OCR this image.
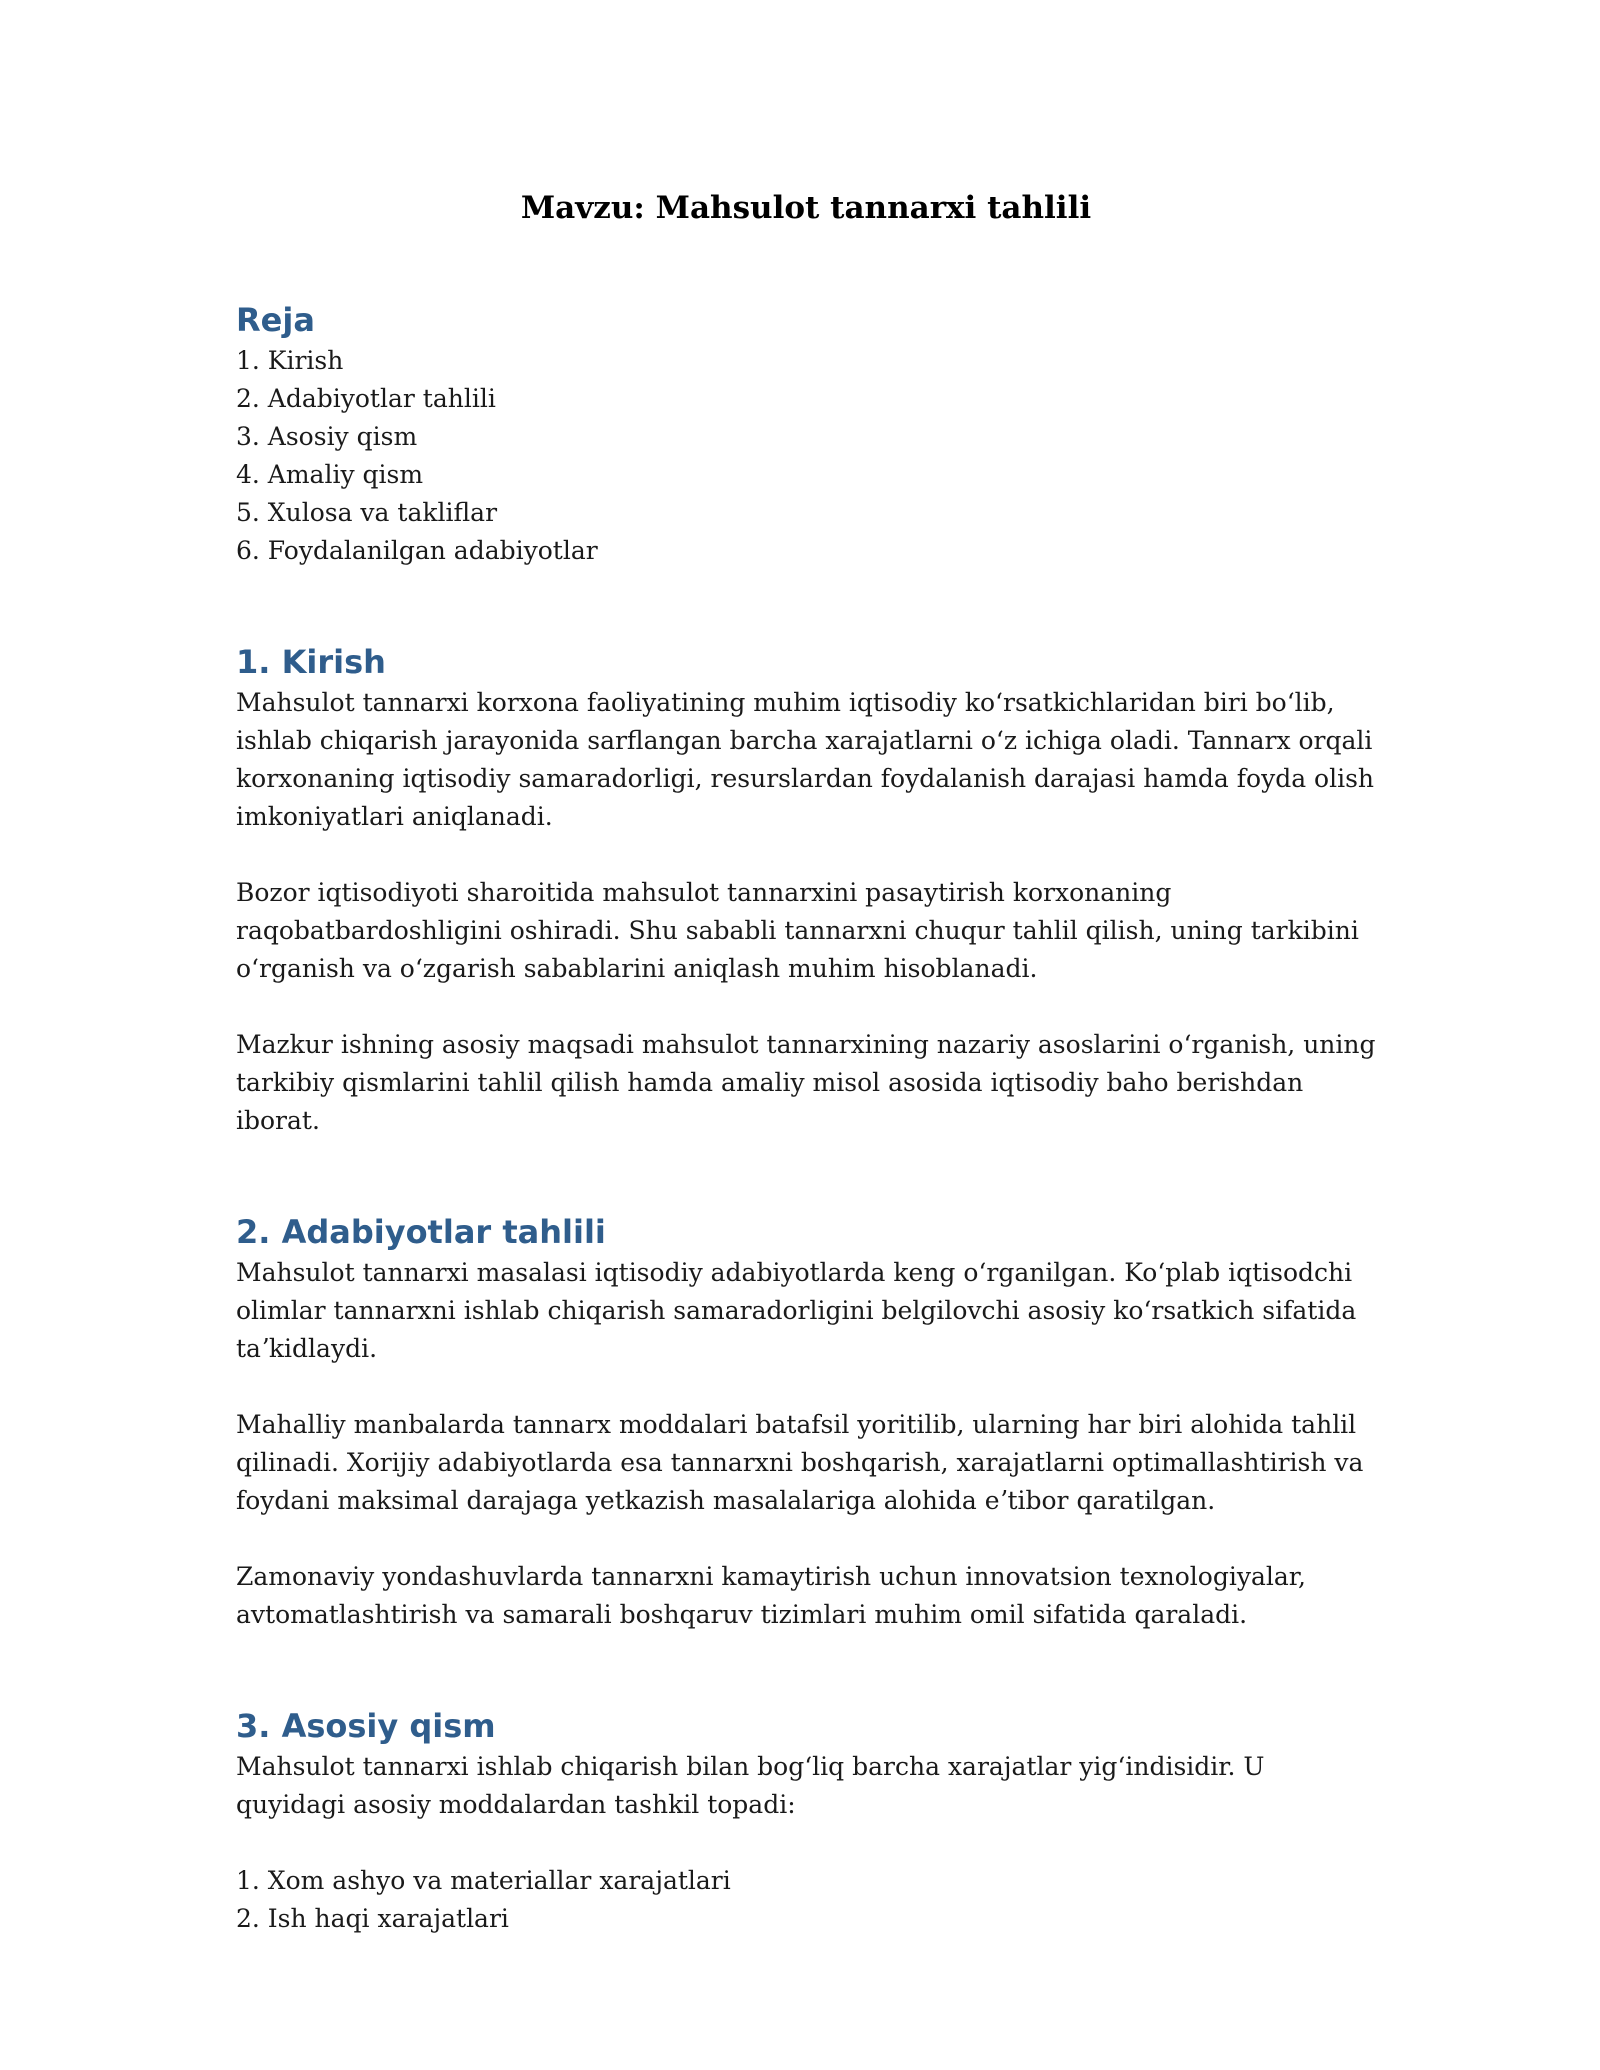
Mavzu: Mahsulot tannarxi tahlili
Reja
1. Kirish
2. Adabiyotlar tahlili
3. Asosiy qism
4. Amaliy qism
5. Xulosa va takliflar
6. Foydalanilgan adabiyotlar
1. Kirish

Mahsulot tannarxi korxona faoliyatining muhim iqtisodiy koʻrsatkichlaridan biri boʻlib, ishlab chiqarish jarayonida sarflangan barcha xarajatlarni oʻz ichiga oladi. Tannarx orqali korxonaning iqtisodiy samaradorligi, resurslardan foydalanish darajasi hamda foyda olish imkoniyatlari aniqlanadi.

Bozor iqtisodiyoti sharoitida mahsulot tannarxini pasaytirish korxonaning raqobatbardoshligini oshiradi. Shu sababli tannarxni chuqur tahlil qilish, uning tarkibini oʻrganish va oʻzgarish sabablarini aniqlash muhim hisoblanadi.

Mazkur ishning asosiy maqsadi mahsulot tannarxining nazariy asoslarini oʻrganish, uning tarkibiy qismlarini tahlil qilish hamda amaliy misol asosida iqtisodiy baho berishdan iborat.

2. Adabiyotlar tahlili

Mahsulot tannarxi masalasi iqtisodiy adabiyotlarda keng oʻrganilgan. Koʻplab iqtisodchi olimlar tannarxni ishlab chiqarish samaradorligini belgilovchi asosiy koʻrsatkich sifatida taʼkidlaydi.

Mahalliy manbalarda tannarx moddalari batafsil yoritilib, ularning har biri alohida tahlil qilinadi. Xorijiy adabiyotlarda esa tannarxni boshqarish, xarajatlarni optimallashtirish va foydani maksimal darajaga yetkazish masalalariga alohida eʼtibor qaratilgan.

Zamonaviy yondashuvlarda tannarxni kamaytirish uchun innovatsion texnologiyalar, avtomatlashtirish va samarali boshqaruv tizimlari muhim omil sifatida qaraladi.

3. Asosiy qism

Mahsulot tannarxi ishlab chiqarish bilan bogʻliq barcha xarajatlar yigʻindisidir. U quyidagi asosiy moddalardan tashkil topadi:

1. Xom ashyo va materiallar xarajatlari
2. Ish haqi xarajatlari
